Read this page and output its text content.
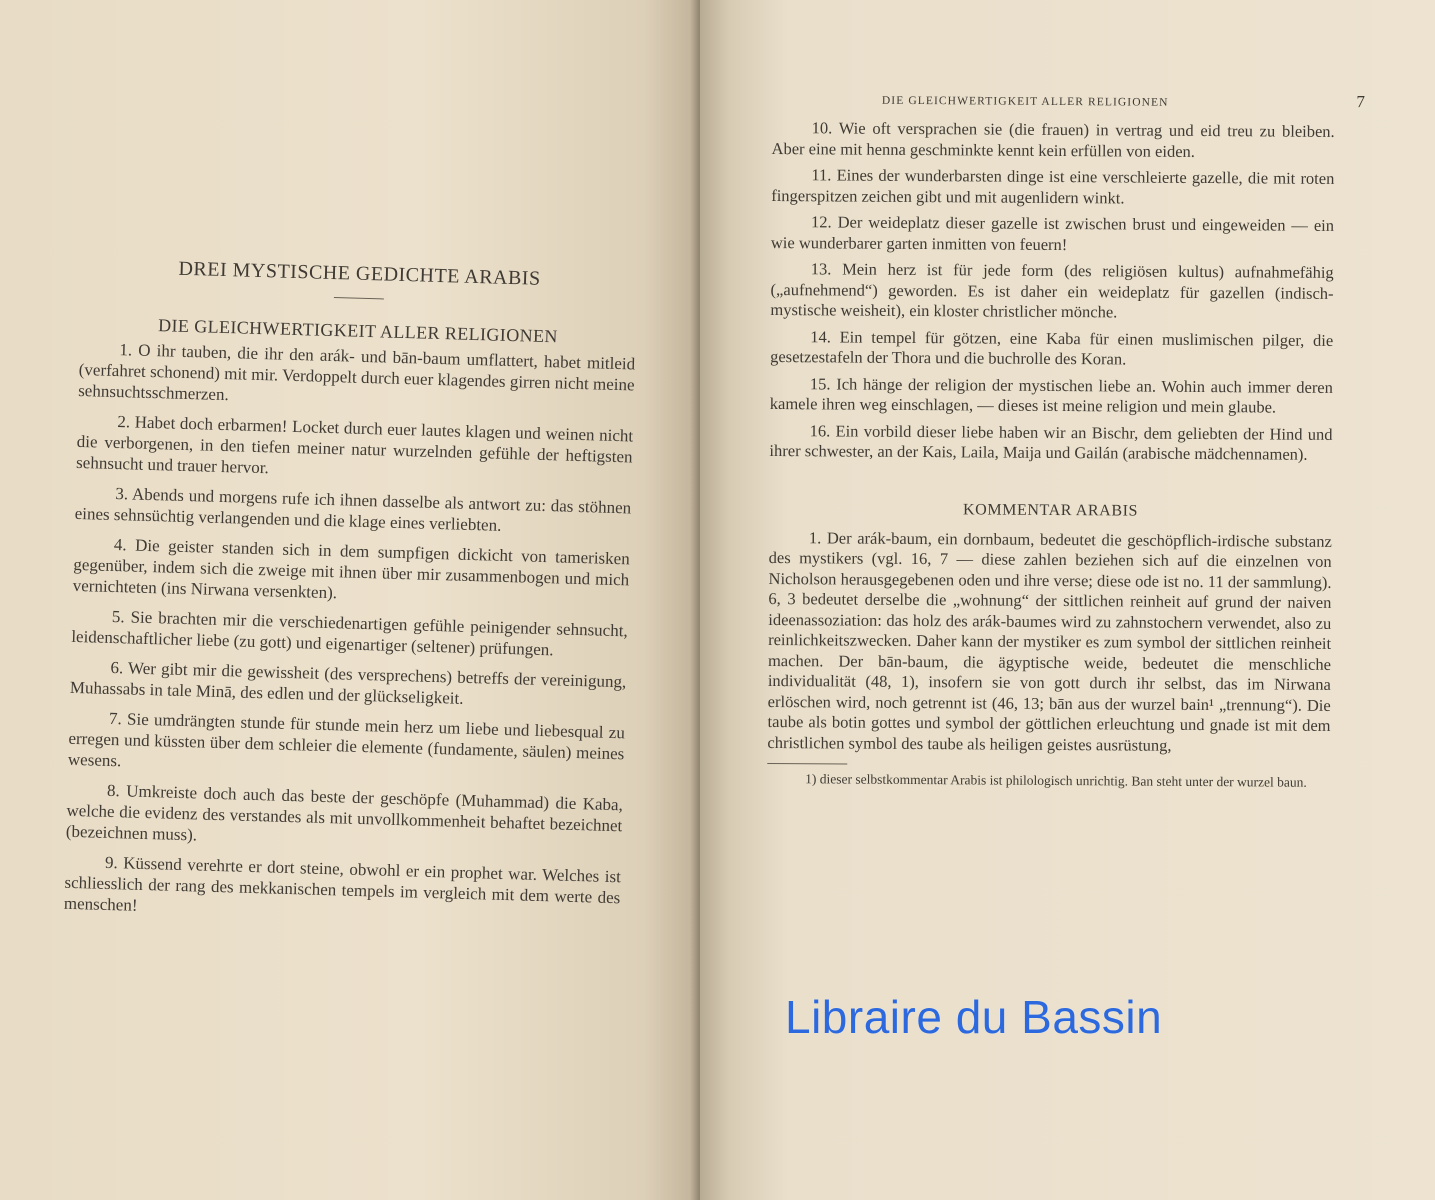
DREI MYSTISCHE GEDICHTE ARABIS
DIE GLEICHWERTIGKEIT ALLER RELIGIONEN

1. O ihr tauben, die ihr den arák- und bān-baum umflattert, habet mitleid (verfahret schonend) mit mir. Verdoppelt durch euer klagendes girren nicht meine sehnsuchtsschmerzen.

2. Habet doch erbarmen! Locket durch euer lautes klagen und weinen nicht die verborgenen, in den tiefen meiner natur wurzelnden gefühle der heftigsten sehnsucht und trauer hervor.

3. Abends und morgens rufe ich ihnen dasselbe als antwort zu: das stöhnen eines sehnsüchtig verlangenden und die klage eines verliebten.

4. Die geister standen sich in dem sumpfigen dickicht von tamerisken gegenüber, indem sich die zweige mit ihnen über mir zusammenbogen und mich vernichteten (ins Nirwana versenkten).

5. Sie brachten mir die verschiedenartigen gefühle peinigender sehnsucht, leidenschaftlicher liebe (zu gott) und eigenartiger (seltener) prüfungen.

6. Wer gibt mir die gewissheit (des versprechens) betreffs der vereinigung, Muhassabs in tale Minā, des edlen und der glückseligkeit.

7. Sie umdrängten stunde für stunde mein herz um liebe und liebesqual zu erregen und küssten über dem schleier die elemente (fundamente, säulen) meines wesens.

8. Umkreiste doch auch das beste der geschöpfe (Muhammad) die Kaba, welche die evidenz des verstandes als mit unvollkommenheit behaftet bezeichnet (bezeichnen muss).

9. Küssend verehrte er dort steine, obwohl er ein prophet war. Welches ist schliesslich der rang des mekkanischen tempels im vergleich mit dem werte des menschen!

DIE GLEICHWERTIGKEIT ALLER RELIGIONEN	7

10. Wie oft versprachen sie (die frauen) in vertrag und eid treu zu bleiben. Aber eine mit henna geschminkte kennt kein erfüllen von eiden.

11. Eines der wunderbarsten dinge ist eine verschleierte gazelle, die mit roten fingerspitzen zeichen gibt und mit augenlidern winkt.

12. Der weideplatz dieser gazelle ist zwischen brust und eingeweiden — ein wie wunderbarer garten inmitten von feuern!

13. Mein herz ist für jede form (des religiösen kultus) aufnahmefähig („aufnehmend“) geworden. Es ist daher ein weideplatz für gazellen (indisch-mystische weisheit), ein kloster christlicher mönche.

14. Ein tempel für götzen, eine Kaba für einen muslimischen pilger, die gesetzestafeln der Thora und die buchrolle des Koran.

15. Ich hänge der religion der mystischen liebe an. Wohin auch immer deren kamele ihren weg einschlagen, — dieses ist meine religion und mein glaube.

16. Ein vorbild dieser liebe haben wir an Bischr, dem geliebten der Hind und ihrer schwester, an der Kais, Laila, Maija und Gailán (arabische mädchennamen).

KOMMENTAR ARABIS

1. Der arák-baum, ein dornbaum, bedeutet die geschöpflich-irdische substanz des mystikers (vgl. 16, 7 — diese zahlen beziehen sich auf die einzelnen von Nicholson herausgegebenen oden und ihre verse; diese ode ist no. 11 der sammlung). 6, 3 bedeutet derselbe die „wohnung“ der sittlichen reinheit auf grund der naiven ideenassoziation: das holz des arák-baumes wird zu zahnstochern verwendet, also zu reinlichkeitszwecken. Daher kann der mystiker es zum symbol der sittlichen reinheit machen. Der bān-baum, die ägyptische weide, bedeutet die menschliche individualität (48, 1), insofern sie von gott durch ihr selbst, das im Nirwana erlöschen wird, noch getrennt ist (46, 13; bān aus der wurzel bain¹ „trennung“). Die taube als botin gottes und symbol der göttlichen erleuchtung und gnade ist mit dem christlichen symbol des taube als heiligen geistes ausrüstung,

1) dieser selbstkommentar Arabis ist philologisch unrichtig. Ban steht unter der wurzel baun.

Libraire du Bassin
